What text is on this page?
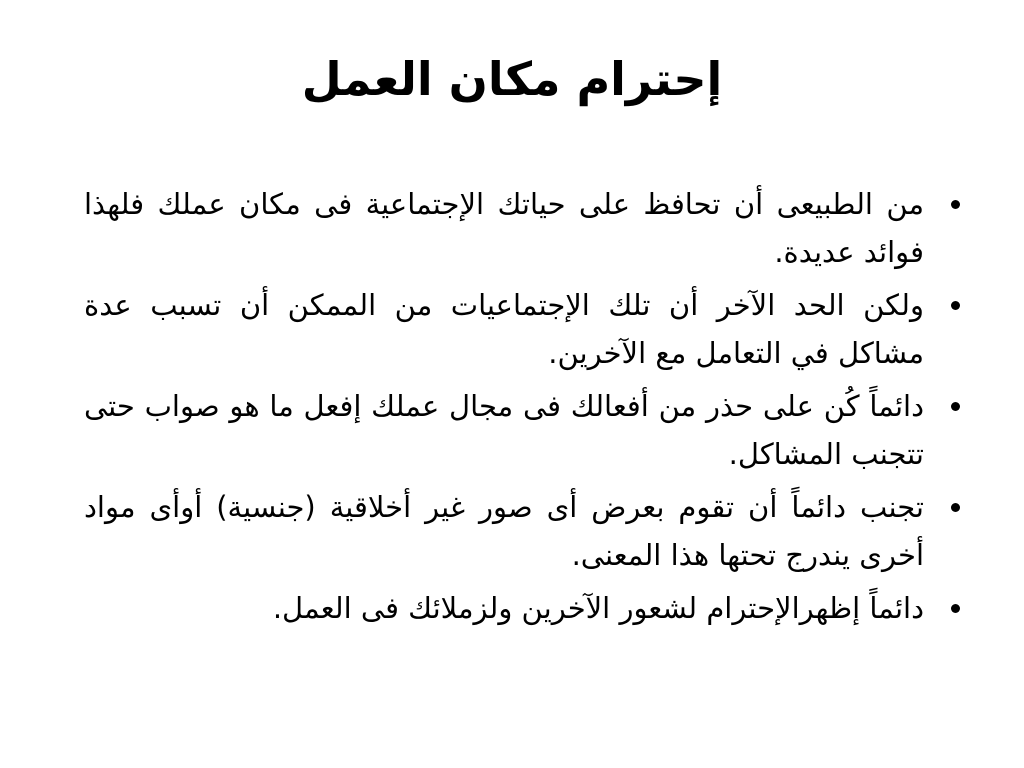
إحترام مكان العمل
من الطبيعى أن تحافظ على حياتك الإجتماعية فى مكان عملك فلهذا فوائد عديدة.
ولكن الحد الآخر أن تلك الإجتماعيات من الممكن أن تسبب عدة مشاكل في التعامل مع الآخرين.
دائماً كُن على حذر من أفعالك فى مجال عملك إفعل ما هو صواب حتى تتجنب المشاكل.
تجنب دائماً أن تقوم بعرض أى صور غير أخلاقية (جنسية) أوأى مواد أخرى يندرج تحتها هذا المعنى.
دائماً إظهرالإحترام لشعور الآخرين ولزملائك فى العمل.
